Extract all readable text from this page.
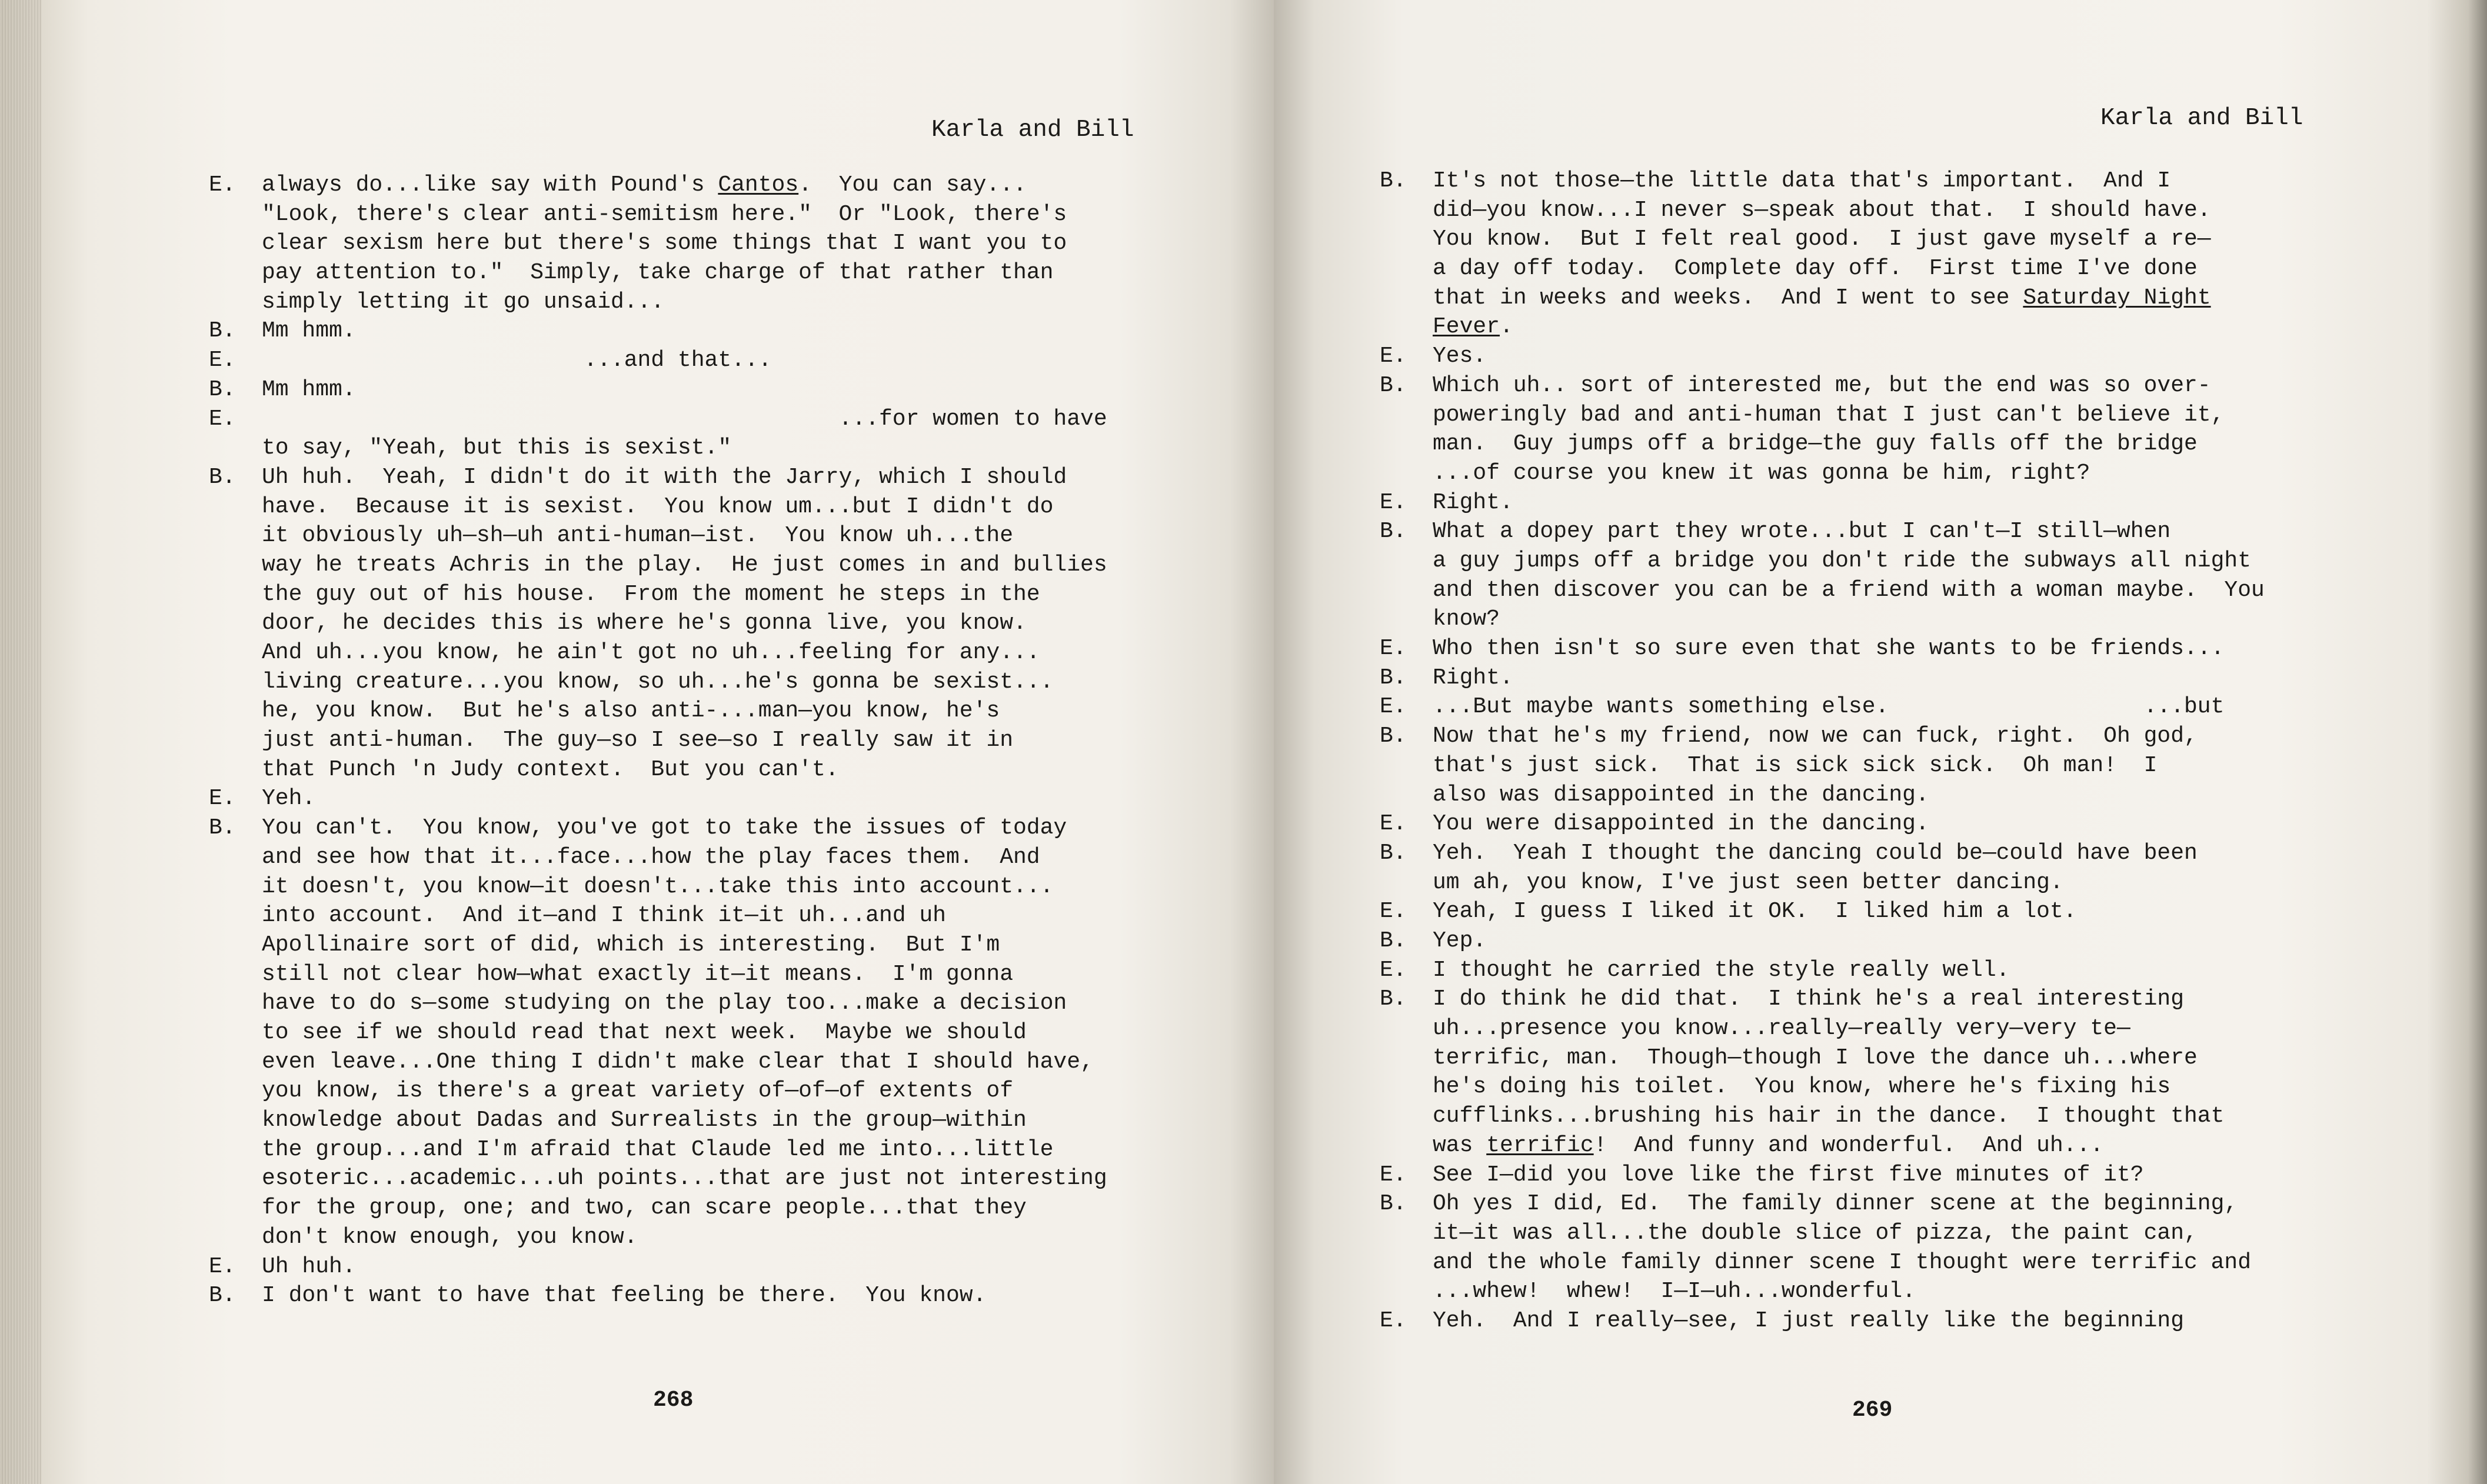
Karla and Bill
E.	always do...like say with Pound's Cantos.  You can say...
"Look, there's clear anti-semitism here."  Or "Look, there's
clear sexism here but there's some things that I want you to
pay attention to."  Simply, take charge of that rather than
simply letting it go unsaid...
B.	Mm hmm.
E.	...and that...
B.	Mm hmm.
E.	...for women to have
to say, "Yeah, but this is sexist."
B.	Uh huh.  Yeah, I didn't do it with the Jarry, which I should
have.  Because it is sexist.  You know um...but I didn't do
it obviously uh—sh—uh anti-human—ist.  You know uh...the
way he treats Achris in the play.  He just comes in and bullies
the guy out of his house.  From the moment he steps in the
door, he decides this is where he's gonna live, you know.
And uh...you know, he ain't got no uh...feeling for any...
living creature...you know, so uh...he's gonna be sexist...
he, you know.  But he's also anti-...man—you know, he's
just anti-human.  The guy—so I see—so I really saw it in
that Punch 'n Judy context.  But you can't.
E.	Yeh.
B.	You can't.  You know, you've got to take the issues of today
and see how that it...face...how the play faces them.  And
it doesn't, you know—it doesn't...take this into account...
into account.  And it—and I think it—it uh...and uh
Apollinaire sort of did, which is interesting.  But I'm
still not clear how—what exactly it—it means.  I'm gonna
have to do s—some studying on the play too...make a decision
to see if we should read that next week.  Maybe we should
even leave...One thing I didn't make clear that I should have,
you know, is there's a great variety of—of—of extents of
knowledge about Dadas and Surrealists in the group—within
the group...and I'm afraid that Claude led me into...little
esoteric...academic...uh points...that are just not interesting
for the group, one; and two, can scare people...that they
don't know enough, you know.
E.	Uh huh.
B.	I don't want to have that feeling be there.  You know.
268
Karla and Bill
B.	It's not those—the little data that's important.  And I
did—you know...I never s—speak about that.  I should have.
You know.  But I felt real good.  I just gave myself a re—
a day off today.  Complete day off.  First time I've done
that in weeks and weeks.  And I went to see Saturday Night
Fever.
E.	Yes.
B.	Which uh.. sort of interested me, but the end was so over-
poweringly bad and anti-human that I just can't believe it,
man.  Guy jumps off a bridge—the guy falls off the bridge
...of course you knew it was gonna be him, right?
E.	Right.
B.	What a dopey part they wrote...but I can't—I still—when
a guy jumps off a bridge you don't ride the subways all night
and then discover you can be a friend with a woman maybe.  You
know?
E.	Who then isn't so sure even that she wants to be friends...
B.	Right.
E.	...But maybe wants something else.                   ...but
B.	Now that he's my friend, now we can fuck, right.  Oh god,
that's just sick.  That is sick sick sick.  Oh man!  I
also was disappointed in the dancing.
E.	You were disappointed in the dancing.
B.	Yeh.  Yeah I thought the dancing could be—could have been
um ah, you know, I've just seen better dancing.
E.	Yeah, I guess I liked it OK.  I liked him a lot.
B.	Yep.
E.	I thought he carried the style really well.
B.	I do think he did that.  I think he's a real interesting
uh...presence you know...really—really very—very te—
terrific, man.  Though—though I love the dance uh...where
he's doing his toilet.  You know, where he's fixing his
cufflinks...brushing his hair in the dance.  I thought that
was terrific!  And funny and wonderful.  And uh...
E.	See I—did you love like the first five minutes of it?
B.	Oh yes I did, Ed.  The family dinner scene at the beginning,
it—it was all...the double slice of pizza, the paint can,
and the whole family dinner scene I thought were terrific and
...whew!  whew!  I—I—uh...wonderful.
E.	Yeh.  And I really—see, I just really like the beginning
269
